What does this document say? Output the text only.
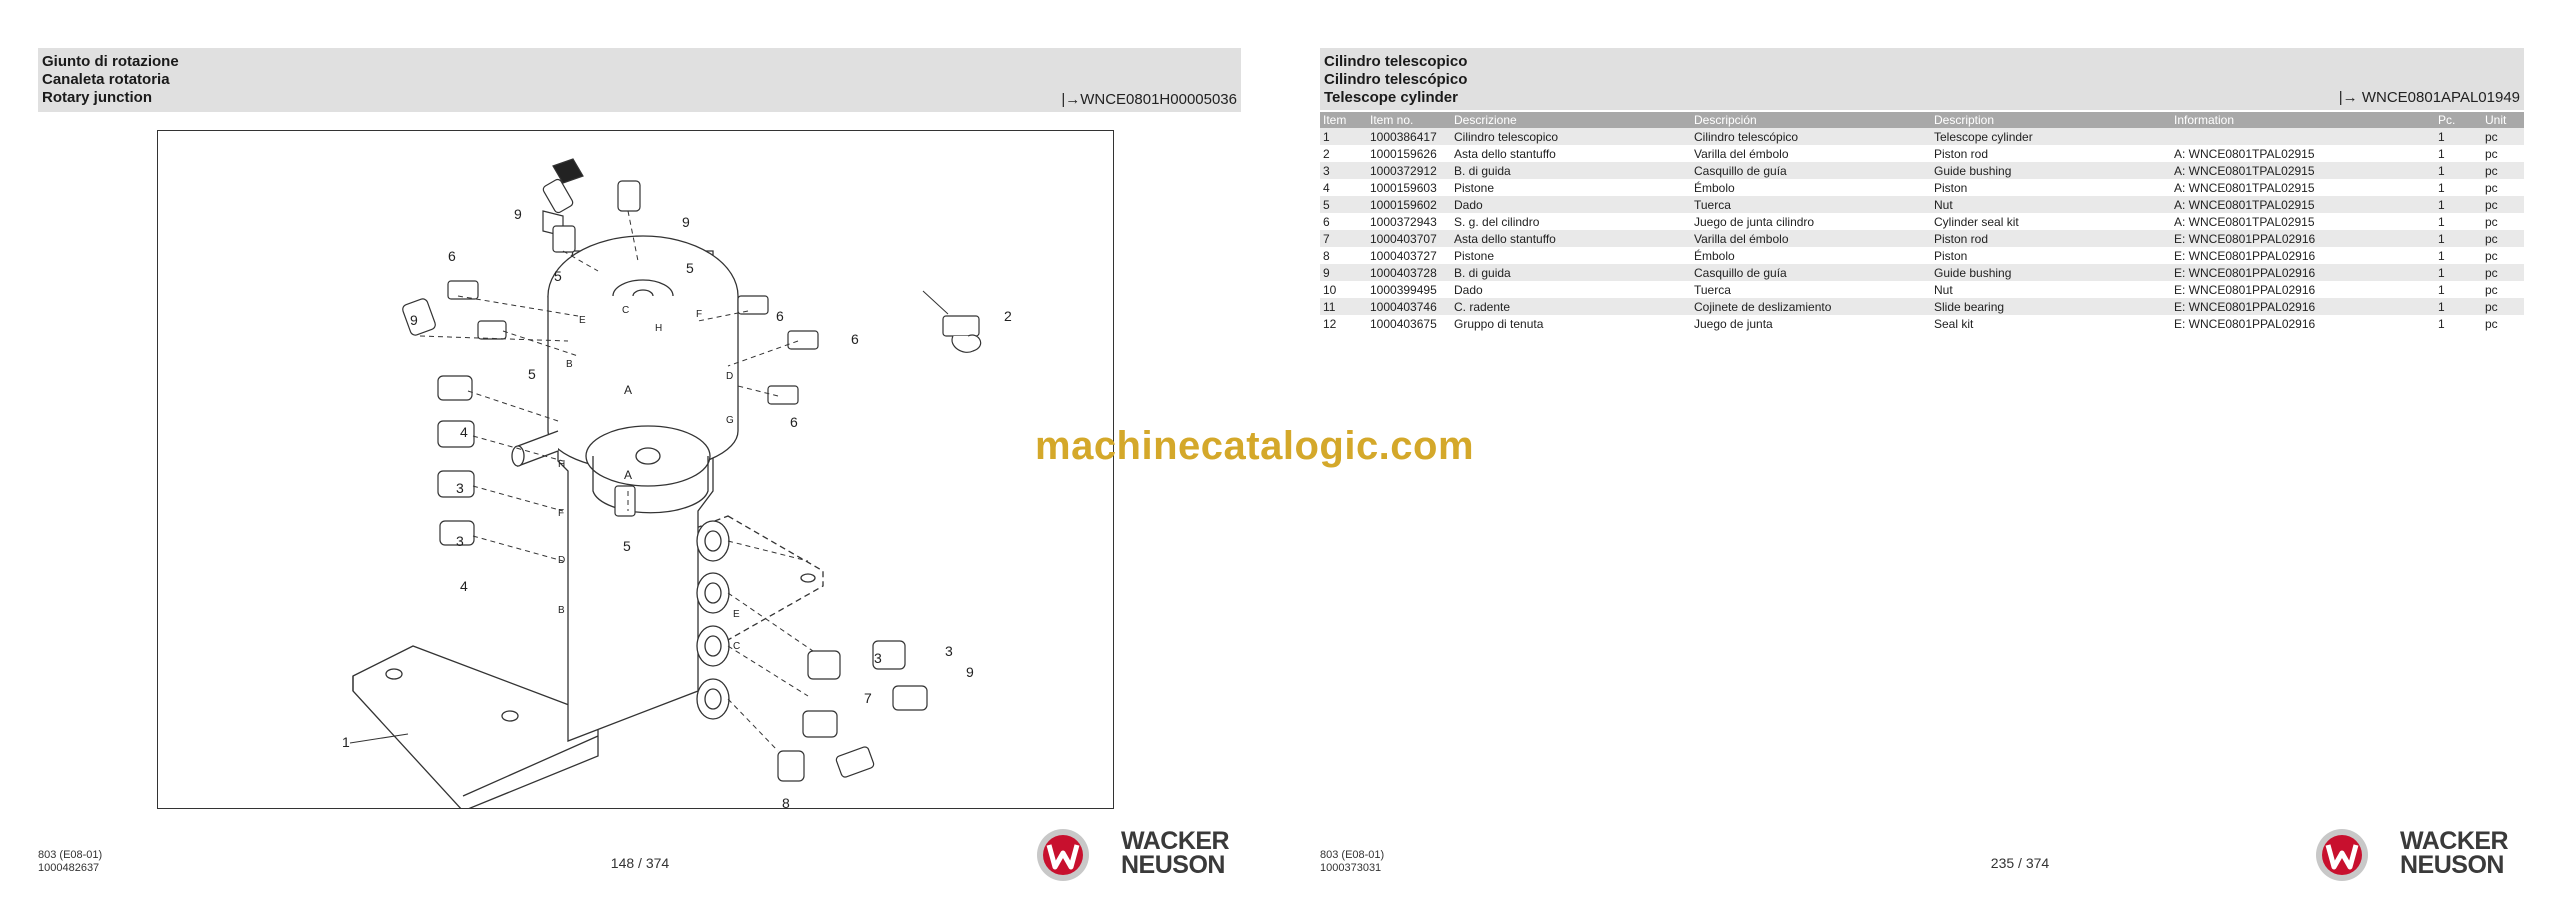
Giunto di rotazione
Canaleta rotatoria
Rotary junction	|→WNCE0801H00005036
1
2
3
3
3	3
4
4
5	5
5
5
6
6
6
6
7
8
9	9
9
9
A
A
B
B
C
C
D
D
E
E
F
F
G
H
H
803 (E08-01)
1000482637	148 / 374
WACKER
NEUSON
Cilindro telescopico
Cilindro telescópico
Telescope cylinder	|→ WNCE0801APAL01949
Item	Item no.	Descrizione	Descripción	Description	Information	Pc.	Unit
1	1000386417	Cilindro telescopico	Cilindro telescópico	Telescope cylinder		1	pc
2	1000159626	Asta dello stantuffo	Varilla del émbolo	Piston rod	A: WNCE0801TPAL02915	1	pc
3	1000372912	B. di guida	Casquillo de guía	Guide bushing	A: WNCE0801TPAL02915	1	pc
4	1000159603	Pistone	Émbolo	Piston	A: WNCE0801TPAL02915	1	pc
5	1000159602	Dado	Tuerca	Nut	A: WNCE0801TPAL02915	1	pc
6	1000372943	S. g. del cilindro	Juego de junta cilindro	Cylinder seal kit	A: WNCE0801TPAL02915	1	pc
7	1000403707	Asta dello stantuffo	Varilla del émbolo	Piston rod	E: WNCE0801PPAL02916	1	pc
8	1000403727	Pistone	Émbolo	Piston	E: WNCE0801PPAL02916	1	pc
9	1000403728	B. di guida	Casquillo de guía	Guide bushing	E: WNCE0801PPAL02916	1	pc
10	1000399495	Dado	Tuerca	Nut	E: WNCE0801PPAL02916	1	pc
11	1000403746	C. radente	Cojinete de deslizamiento	Slide bearing	E: WNCE0801PPAL02916	1	pc
12	1000403675	Gruppo di tenuta	Juego de junta	Seal kit	E: WNCE0801PPAL02916	1	pc
803 (E08-01)
1000373031	235 / 374
WACKER
NEUSON
machinecatalogic.com
